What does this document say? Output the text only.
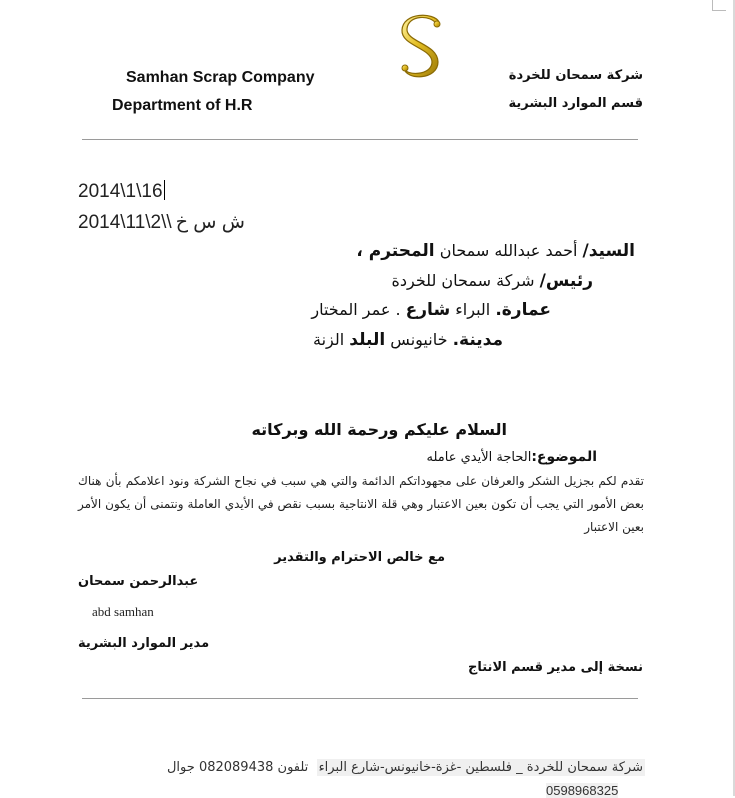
Samhan Scrap Company
Department of H.R
شركة سمحان للخردة
قسم الموارد البشرية
2014\1\16
2014\11\2\\ ش س خ
السيد/ أحمد عبدالله سمحان المحترم ،
رئيس/ شركة سمحان للخردة
عمارة. البراء شارع . عمر المختار
مدينة. خانيونس البلد الزنة
السلام عليكم ورحمة الله وبركاته
الموضوع:الحاجة الأيدي عامله
تقدم لكم بجزيل الشكر والعرفان على مجهوداتكم الدائمة والتي هي سبب في نجاح الشركة ونود اعلامكم بأن هناك بعض الأمور التي يجب أن تكون بعين الاعتبار وهي قلة الانتاجية بسبب نقص في الأيدي العاملة ونتمنى أن يكون الأمر بعين الاعتبار
مع خالص الاحترام والتقدير
عبدالرحمن سمحان
abd samhan
مدير الموارد البشرية
نسخة إلى مدير قسم الانتاج
شركة سمحان للخردة _ فلسطين -غزة-خانيونس-شارع البراء  تلفون 082089438 جوال
0598968325
